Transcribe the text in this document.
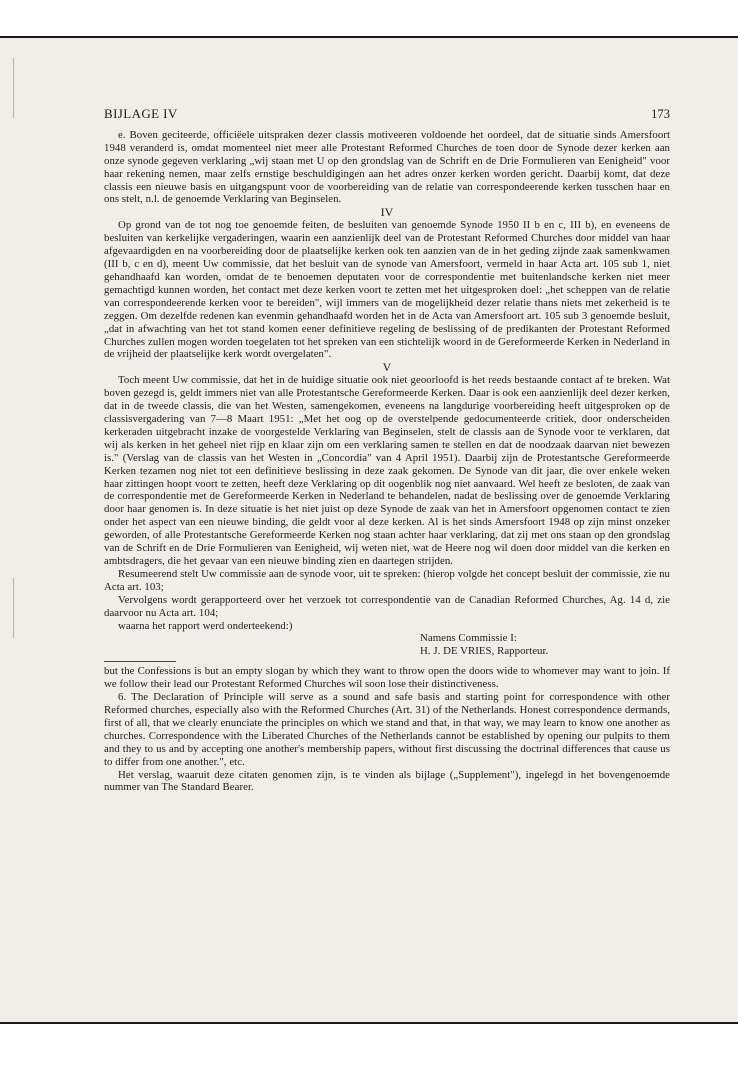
BIJLAGE IV	173

e. Boven geciteerde, officiëele uitspraken dezer classis motiveeren voldoende het oordeel, dat de situatie sinds Amersfoort 1948 veranderd is, omdat momenteel niet meer alle Protestant Reformed Churches de toen door de Synode dezer kerken aan onze synode gegeven verklaring „wij staan met U op den grondslag van de Schrift en de Drie Formulieren van Eenigheid" voor haar rekening nemen, maar zelfs ernstige beschuldigingen aan het adres onzer kerken worden gericht. Daarbij komt, dat deze classis een nieuwe basis en uitgangspunt voor de voorbereiding van de relatie van correspondeerende kerken tusschen haar en ons stelt, n.l. de genoemde Verklaring van Beginselen.

IV

Op grond van de tot nog toe genoemde feiten, de besluiten van genoemde Synode 1950 II b en c, III b), en eveneens de besluiten van kerkelijke vergaderingen, waarin een aanzienlijk deel van de Protestant Reformed Churches door middel van haar afgevaardigden en na voorbereiding door de plaatselijke kerken ook ten aanzien van de in het geding zijnde zaak samenkwamen (III b, c en d), meent Uw commissie, dat het besluit van de synode van Amersfoort, vermeld in haar Acta art. 105 sub 1, niet gehandhaafd kan worden, omdat de te benoemen deputaten voor de correspondentie met buitenlandsche kerken niet meer gemachtigd kunnen worden, het contact met deze kerken voort te zetten met het uitgesproken doel: „het scheppen van de relatie van correspondeerende kerken voor te bereiden", wijl immers van de mogelijkheid dezer relatie thans niets met zekerheid is te zeggen. Om dezelfde redenen kan evenmin gehandhaafd worden het in de Acta van Amersfoort art. 105 sub 3 genoemde besluit, „dat in afwachting van het tot stand komen eener definitieve regeling de beslissing of de predikanten der Protestant Reformed Churches zullen mogen worden toegelaten tot het spreken van een stichtelijk woord in de Gereformeerde Kerken in Nederland in de vrijheid der plaatselijke kerk wordt overgelaten".

V

Toch meent Uw commissie, dat het in de huidige situatie ook niet geoorloofd is het reeds bestaande contact af te breken. Wat boven gezegd is, geldt immers niet van alle Protestantsche Gereformeerde Kerken. Daar is ook een aanzienlijk deel dezer kerken, dat in de tweede classis, die van het Westen, samengekomen, eveneens na langdurige voorbereiding heeft uitgesproken op de classisvergadering van 7—8 Maart 1951: „Met het oog op de overstelpende gedocumenteerde critiek, door onderscheiden kerkeraden uitgebracht inzake de voorgestelde Verklaring van Beginselen, stelt de classis aan de Synode voor te verklaren, dat wij als kerken in het geheel niet rijp en klaar zijn om een verklaring samen te stellen en dat de noodzaak daarvan niet bewezen is." (Verslag van de classis van het Westen in „Concordia" van 4 April 1951). Daarbij zijn de Protestantsche Gereformeerde Kerken tezamen nog niet tot een definitieve beslissing in deze zaak gekomen. De Synode van dit jaar, die over enkele weken haar zittingen hoopt voort te zetten, heeft deze Verklaring op dit oogenblik nog niet aanvaard. Wel heeft ze besloten, de zaak van de correspondentie met de Gereformeerde Kerken in Nederland te behandelen, nadat de beslissing over de genoemde Verklaring door haar genomen is. In deze situatie is het niet juist op deze Synode de zaak van het in Amersfoort opgenomen contact te zien onder het aspect van een nieuwe binding, die geldt voor al deze kerken. Al is het sinds Amersfoort 1948 op zijn minst onzeker geworden, of alle Protestantsche Gereformeerde Kerken nog staan achter haar verklaring, dat zij met ons staan op den grondslag van de Schrift en de Drie Formulieren van Eenigheid, wij weten niet, wat de Heere nog wil doen door middel van die kerken en ambtsdragers, die het gevaar van een nieuwe binding zien en daartegen strijden.

Resumeerend stelt Uw commissie aan de synode voor, uit te spreken: (hierop volgde het concept besluit der commissie, zie nu Acta art. 103;

Vervolgens wordt gerapporteerd over het verzoek tot correspondentie van de Canadian Reformed Churches, Ag. 14 d, zie daarvoor nu Acta art. 104;

waarna het rapport werd onderteekend:)

Namens Commissie I:

H. J. DE VRIES, Rapporteur.

but the Confessions is but an empty slogan by which they want to throw open the doors wide to whomever may want to join. If we follow their lead our Protestant Reformed Churches wil soon lose their distinctiveness.

6. The Declaration of Principle will serve as a sound and safe basis and starting point for correspondence with other Reformed churches, especially also with the Reformed Churches (Art. 31) of the Netherlands. Honest correspondence dermands, first of all, that we clearly enunciate the principles on which we stand and that, in that way, we may learn to know one another as churches. Correspondence with the Liberated Churches of the Netherlands cannot be established by opening our pulpits to them and they to us and by accepting one another's membership papers, without first discussing the doctrinal differences that cause us to differ from one another.", etc.

Het verslag, waaruit deze citaten genomen zijn, is te vinden als bijlage („Supplement"), ingelegd in het bovengenoemde nummer van The Standard Bearer.
